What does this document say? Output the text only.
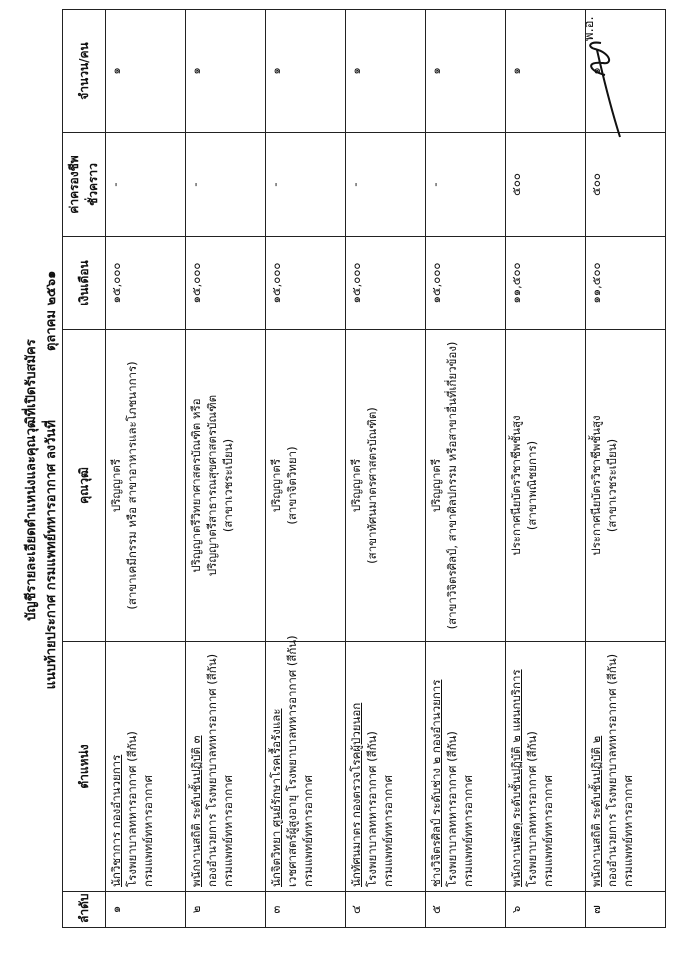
บัญชีรายละเอียดตำแหน่งและคุณวุฒิที่เปิดรับสมัคร แนบท้ายประกาศ กรมแพทย์ทหารอากาศ ลงวันที่  ตุลาคม ๒๕๖๑
ลำดับ	ตำแหน่ง	คุณวุฒิ	เงินเดือน	ค่าครองชีพชั่วคราว	จำนวน/คน
๑	นักวิชาการ กองอำนวยการ โรงพยาบาลทหารอากาศ (สีกัน) กรมแพทย์ทหารอากาศ	ปริญญาตรี (สาขาเคมีกรรม หรือ สาขาอาหารและโภชนาการ)	๑๕,๐๐๐	-	๑
๒	พนักงานสถิติ ระดับชั้นปฏิบัติ ๓ กองอำนวยการ โรงพยาบาลทหารอากาศ (สีกัน) กรมแพทย์ทหารอากาศ	ปริญญาตรีวิทยาศาสตรบัณฑิต หรือ ปริญญาตรีสาธารณสุขศาสตรบัณฑิต (สาขาเวชระเบียน)	๑๕,๐๐๐	-	๑
๓	นักจิตวิทยา ศูนย์รักษาโรคเรื้อรังและ เวชศาสตร์ผู้สูงอายุ โรงพยาบาลทหารอากาศ (สีกัน) กรมแพทย์ทหารอากาศ	ปริญญาตรี (สาขาจิตวิทยา)	๑๕,๐๐๐	-	๑
๔	นักทัศนมาตร กองตรวจโรคผู้ป่วยนอก โรงพยาบาลทหารอากาศ (สีกัน) กรมแพทย์ทหารอากาศ	ปริญญาตรี (สาขาทัศนมาตรศาสตรบัณฑิต)	๑๕,๐๐๐	-	๑
๕	ช่างวิจิตรศิลป์ ระดับช่าง ๒ กองอำนวยการ โรงพยาบาลทหารอากาศ (สีกัน) กรมแพทย์ทหารอากาศ	ปริญญาตรี (สาขาวิจิตรศิลป์, สาขาศิลปกรรม หรือสาขาอื่นที่เกี่ยวข้อง)	๑๕,๐๐๐	-	๑
๖	พนักงานพัสดุ ระดับชั้นปฏิบัติ ๒ แผนกบริการ โรงพยาบาลทหารอากาศ (สีกัน) กรมแพทย์ทหารอากาศ	ประกาศนียบัตรวิชาชีพชั้นสูง (สาขาพณิชยการ)	๑๑,๕๐๐	๕๐๐	๑
๗	พนักงานสถิติ ระดับชั้นปฏิบัติ ๒ กองอำนวยการ โรงพยาบาลทหารอากาศ (สีกัน) กรมแพทย์ทหารอากาศ	ประกาศนียบัตรวิชาชีพชั้นสูง (สาขาเวชระเบียน)	๑๑,๕๐๐	๕๐๐	๑
พ.อ.
